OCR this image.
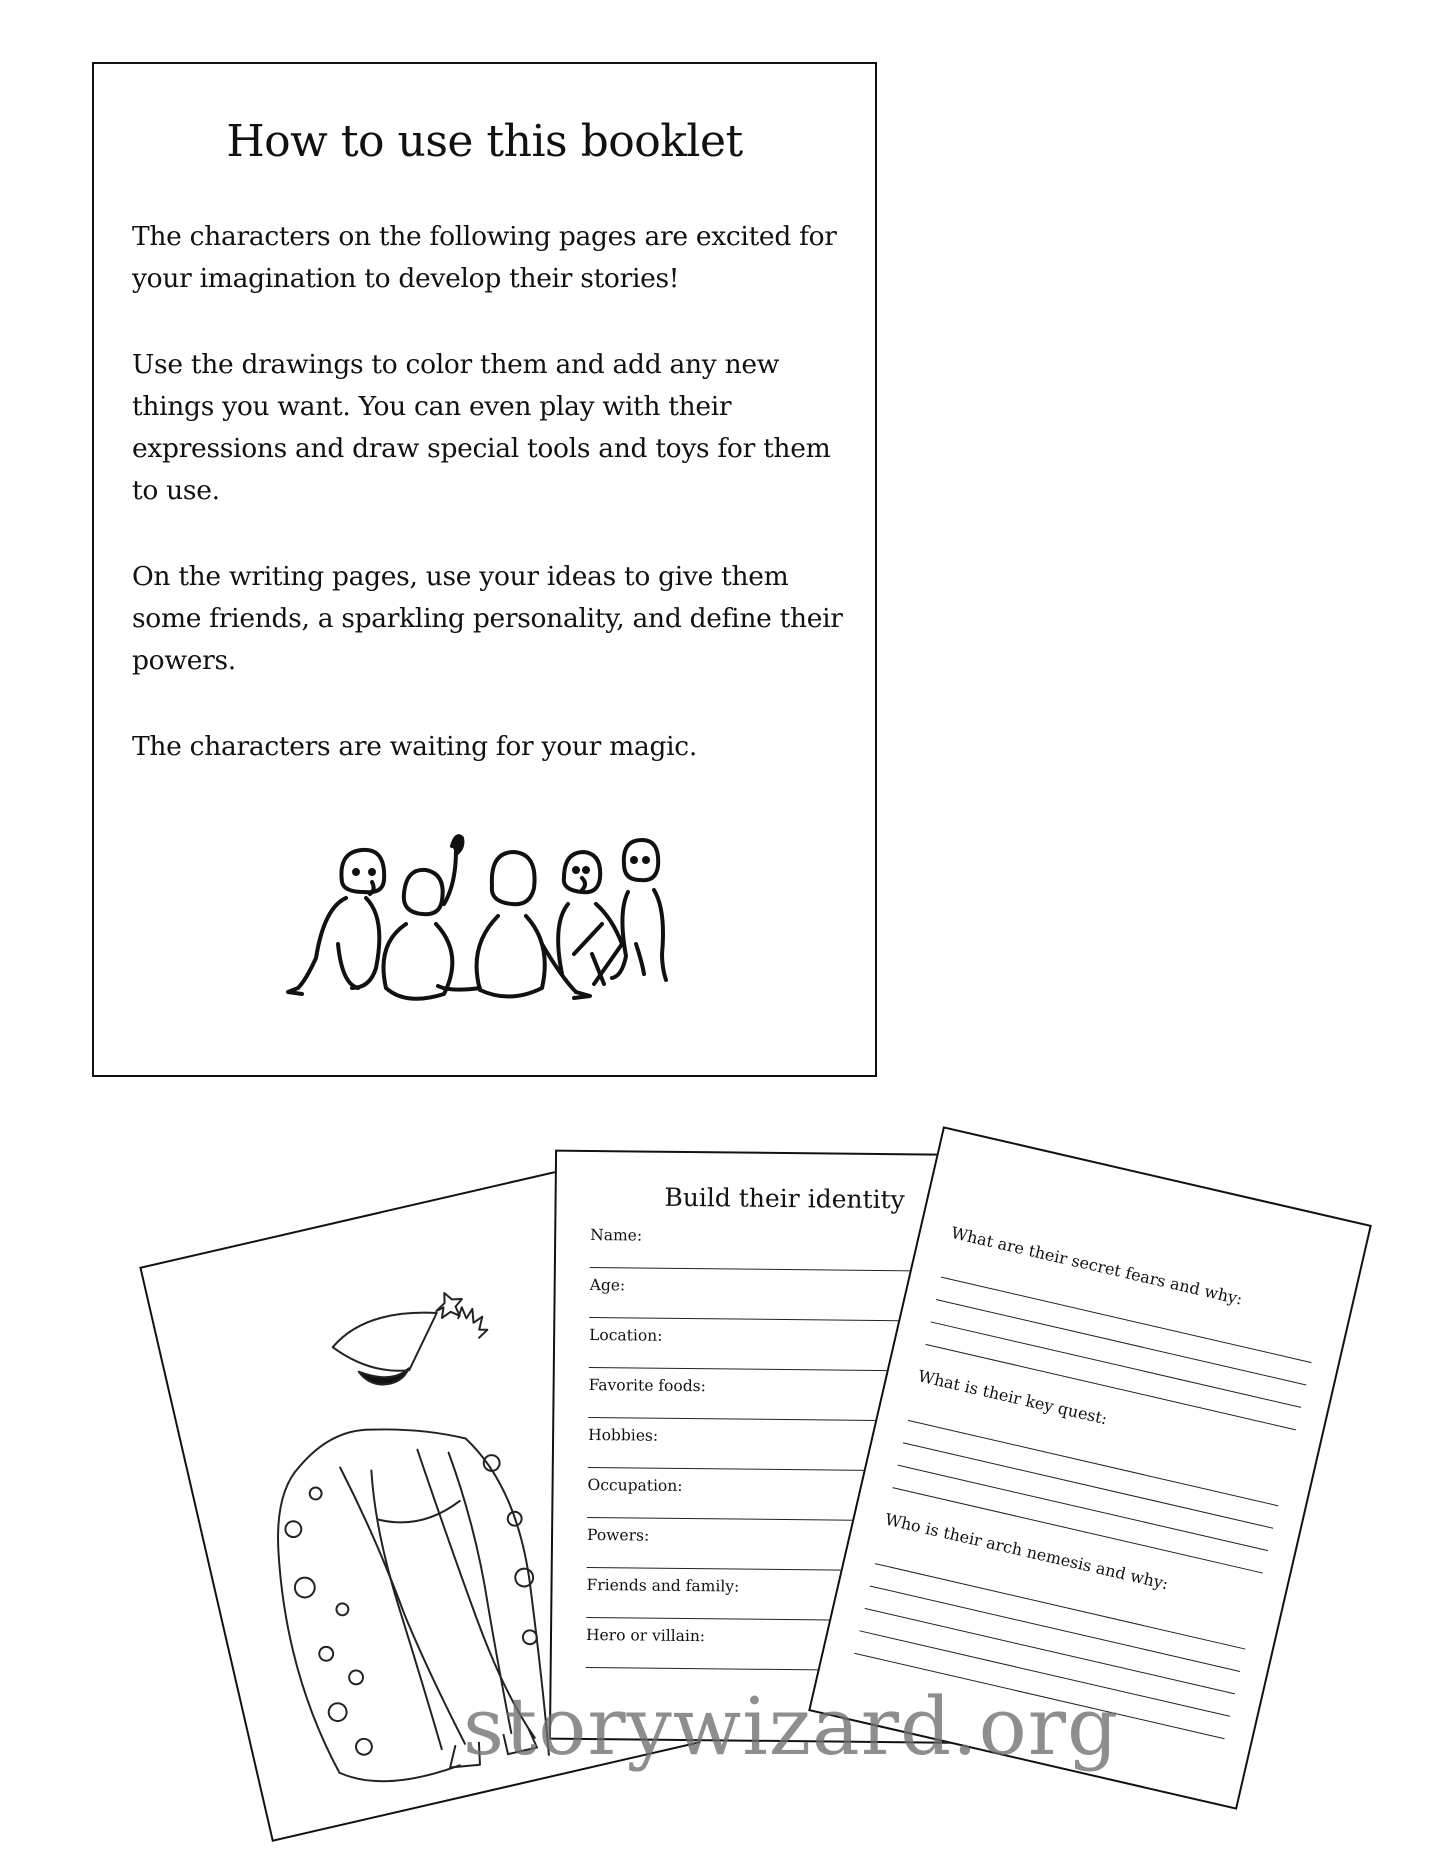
How to use this booklet

The characters on the following pages are excited for your imagination to develop their stories!

Use the drawings to color them and add any new things you want. You can even play with their expressions and draw special tools and toys for them to use.

On the writing pages, use your ideas to give them some friends, a sparkling personality, and define their powers.

The characters are waiting for your magic.

Build their identity
Name:
Age:
Location:
Favorite foods:
Hobbies:
Occupation:
Powers:
Friends and family:
Hero or villain:
What are their secret fears and why:
What is their key quest:
Who is their arch nemesis and why:
storywizard.org
